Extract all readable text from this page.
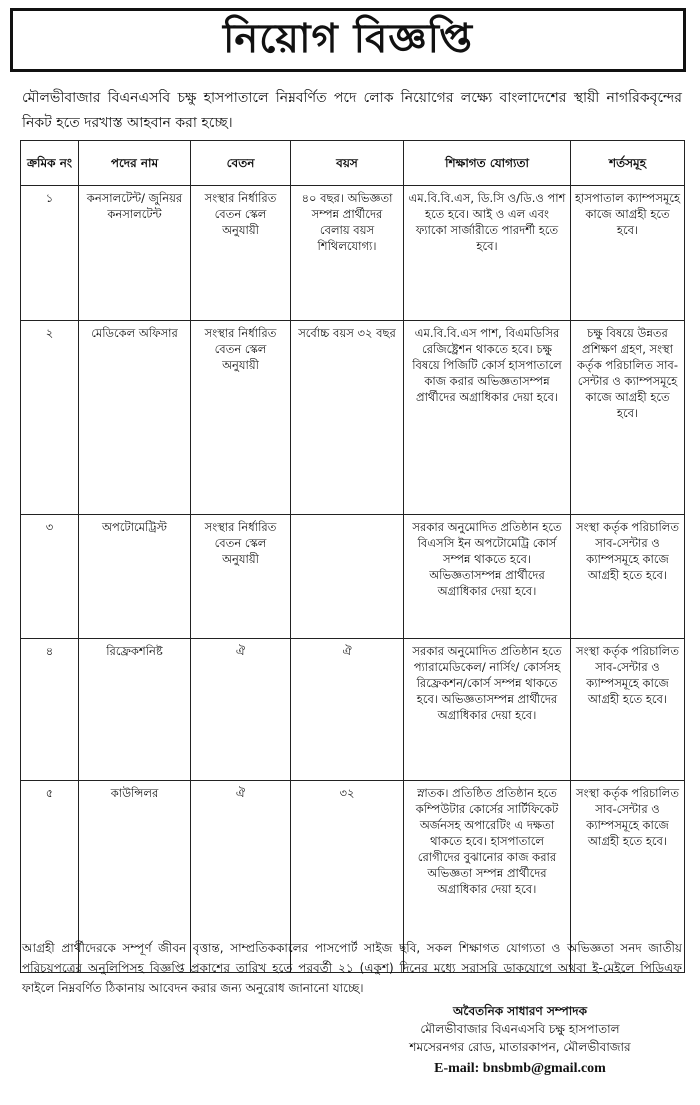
নিয়োগ বিজ্ঞপ্তি
মৌলভীবাজার বিএনএসবি চক্ষু হাসপাতালে নিম্নবর্ণিত পদে লোক নিয়োগের লক্ষ্যে বাংলাদেশের স্থায়ী নাগরিকবৃন্দের নিকট হতে দরখাস্ত আহবান করা হচ্ছে।
ক্রমিক নং	পদের নাম	বেতন	বয়স	শিক্ষাগত যোগ্যতা	শর্তসমূহ
১	কনসালটেন্ট/ জুনিয়র কনসালটেন্ট	সংস্থার নির্ধারিত বেতন স্কেল অনুযায়ী	৪০ বছর। অভিজ্ঞতা সম্পন্ন প্রার্থীদের বেলায় বয়স শিথিলযোগ্য।	এম.বি.বি.এস, ডি.সি ও/ডি.ও পাশ হতে হবে। আই ও এল এবং ফ্যাকো সার্জারীতে পারদর্শী হতে হবে।	হাসপাতাল ক্যাম্পসমূহে কাজে আগ্রহী হতে হবে।
২	মেডিকেল অফিসার	সংস্থার নির্ধারিত বেতন স্কেল অনুযায়ী	সর্বোচ্চ বয়স ৩২ বছর	এম.বি.বি.এস পাশ, বিএমডিসির রেজিষ্ট্রেশন থাকতে হবে। চক্ষু বিষয়ে পিজিটি কোর্স হাসপাতালে কাজ করার অভিজ্ঞতাসম্পন্ন প্রার্থীদের অগ্রাধিকার দেয়া হবে।	চক্ষু বিষয়ে উন্নতর প্রশিক্ষণ গ্রহণ, সংস্থা কর্তৃক পরিচালিত সাব-সেন্টার ও ক্যাম্পসমূহে কাজে আগ্রহী হতে হবে।
৩	অপটোমেট্রিস্ট	সংস্থার নির্ধারিত বেতন স্কেল অনুযায়ী		সরকার অনুমোদিত প্রতিষ্ঠান হতে বিএসসি ইন অপটোমেট্রি কোর্স সম্পন্ন থাকতে হবে। অভিজ্ঞতাসম্পন্ন প্রার্থীদের অগ্রাধিকার দেয়া হবে।	সংস্থা কর্তৃক পরিচালিত সাব-সেন্টার ও ক্যাম্পসমূহে কাজে আগ্রহী হতে হবে।
৪	রিফ্রেকশনিষ্ট	ঐ	ঐ	সরকার অনুমোদিত প্রতিষ্ঠান হতে প্যারামেডিকেল/ নার্সিং/ কোর্সসহ রিফ্রেকশন/কোর্স সম্পন্ন থাকতে হবে। অভিজ্ঞতাসম্পন্ন প্রার্থীদের অগ্রাধিকার দেয়া হবে।	সংস্থা কর্তৃক পরিচালিত সাব-সেন্টার ও ক্যাম্পসমূহে কাজে আগ্রহী হতে হবে।
৫	কাউন্সিলর	ঐ	৩২	স্নাতক। প্রতিষ্ঠিত প্রতিষ্ঠান হতে কম্পিউটার কোর্সের সার্টিফিকেট অর্জনসহ অপারেটিং এ দক্ষতা থাকতে হবে। হাসপাতালে রোগীদের বুঝানোর কাজ করার অভিজ্ঞতা সম্পন্ন প্রার্থীদের অগ্রাধিকার দেয়া হবে।	সংস্থা কর্তৃক পরিচালিত সাব-সেন্টার ও ক্যাম্পসমূহে কাজে আগ্রহী হতে হবে।
আগ্রহী প্রার্থীদেরকে সম্পূর্ণ জীবন বৃত্তান্ত, সাম্প্রতিককালের পাসপোর্ট সাইজ ছবি, সকল শিক্ষাগত যোগ্যতা ও অভিজ্ঞতা সনদ জাতীয় পরিচয়পত্রের অনুলিপিসহ বিজ্ঞপ্তি প্রকাশের তারিখ হতে পরবর্তী ২১ (একুশ) দিনের মধ্যে সরাসরি ডাকযোগে অথবা ই-মেইলে পিডিএফ ফাইলে নিম্নবর্ণিত ঠিকানায় আবেদন করার জন্য অনুরোধ জানানো যাচ্ছে।
অবৈতনিক সাধারণ সম্পাদক
মৌলভীবাজার বিএনএসবি চক্ষু হাসপাতাল
শমসেরনগর রোড, মাতারকাপন, মৌলভীবাজার
E-mail: bnsbmb@gmail.com
